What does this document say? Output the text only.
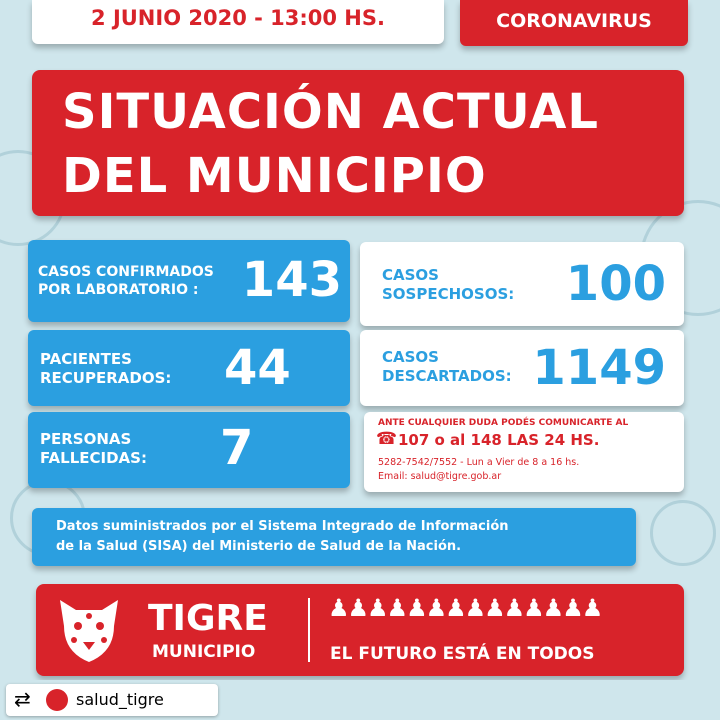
2 JUNIO 2020 - 13:00 HS.	CORONAVIRUS
SITUACIÓN ACTUAL
DEL MUNICIPIO
CASOS CONFIRMADOS
POR LABORATORIO : 143
PACIENTES
RECUPERADOS: 44
PERSONAS
FALLECIDAS: 7
CASOS
SOSPECHOSOS: 100
CASOS
DESCARTADOS: 1149
ANTE CUALQUIER DUDA PODÉS COMUNICARTE AL
☎ 107 o al 148 LAS 24 HS.
5282-7542/7552 - Lun a Vier de 8 a 16 hs.
Email: salud@tigre.gob.ar
Datos suministrados por el Sistema Integrado de Información
de la Salud (SISA) del Ministerio de Salud de la Nación.
TIGRE
MUNICIPIO
♟♟♟♟♟♟♟♟♟♟♟♟♟♟
EL FUTURO ESTÁ EN TODOS
⇄	salud_tigre
